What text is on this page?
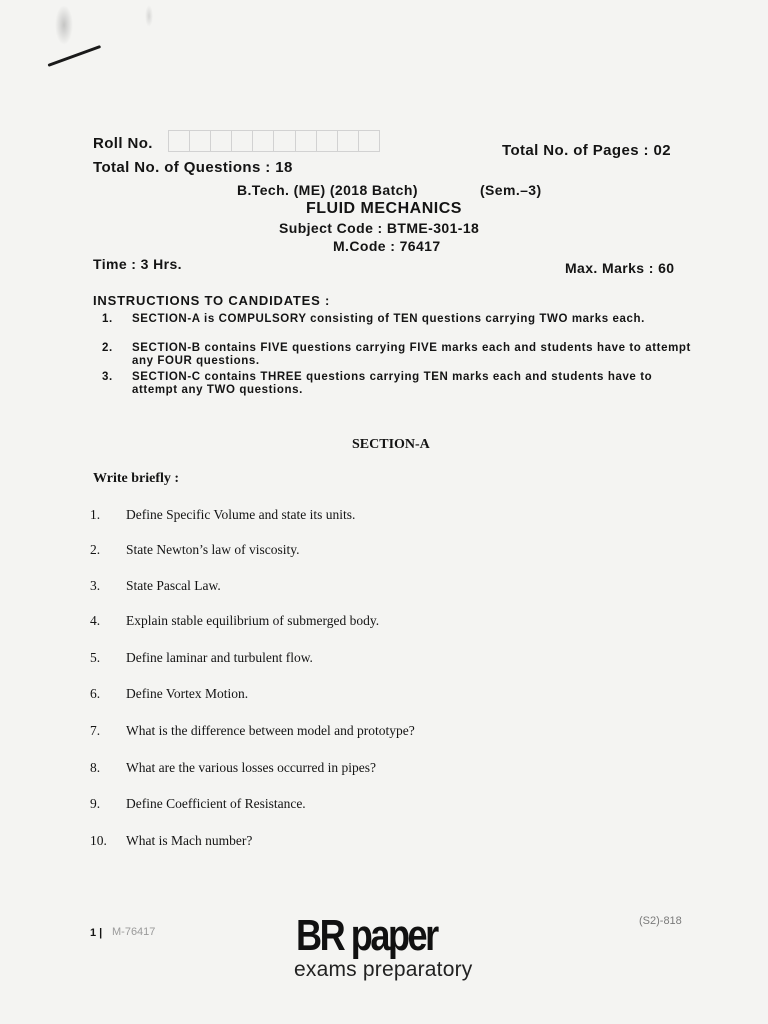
Roll No.	Total No. of Pages : 02
Total No. of Questions : 18
B.Tech. (ME) (2018 Batch)	(Sem.–3)
FLUID MECHANICS
Subject Code : BTME-301-18
M.Code : 76417
Time : 3 Hrs.	Max. Marks : 60
INSTRUCTIONS TO CANDIDATES :
1. SECTION-A is COMPULSORY consisting of TEN questions carrying TWO marks each.
2. SECTION-B contains FIVE questions carrying FIVE marks each and students have to attempt any FOUR questions.
3. SECTION-C contains THREE questions carrying TEN marks each and students have to attempt any TWO questions.
SECTION-A
Write briefly :
1.	Define Specific Volume and state its units.
2.	State Newton’s law of viscosity.
3.	State Pascal Law.
4.	Explain stable equilibrium of submerged body.
5.	Define laminar and turbulent flow.
6.	Define Vortex Motion.
7.	What is the difference between model and prototype?
8.	What are the various losses occurred in pipes?
9.	Define Coefficient of Resistance.
10.	What is Mach number?
1 | M-76417
(S2)-818
BR paper
exams preparatory
